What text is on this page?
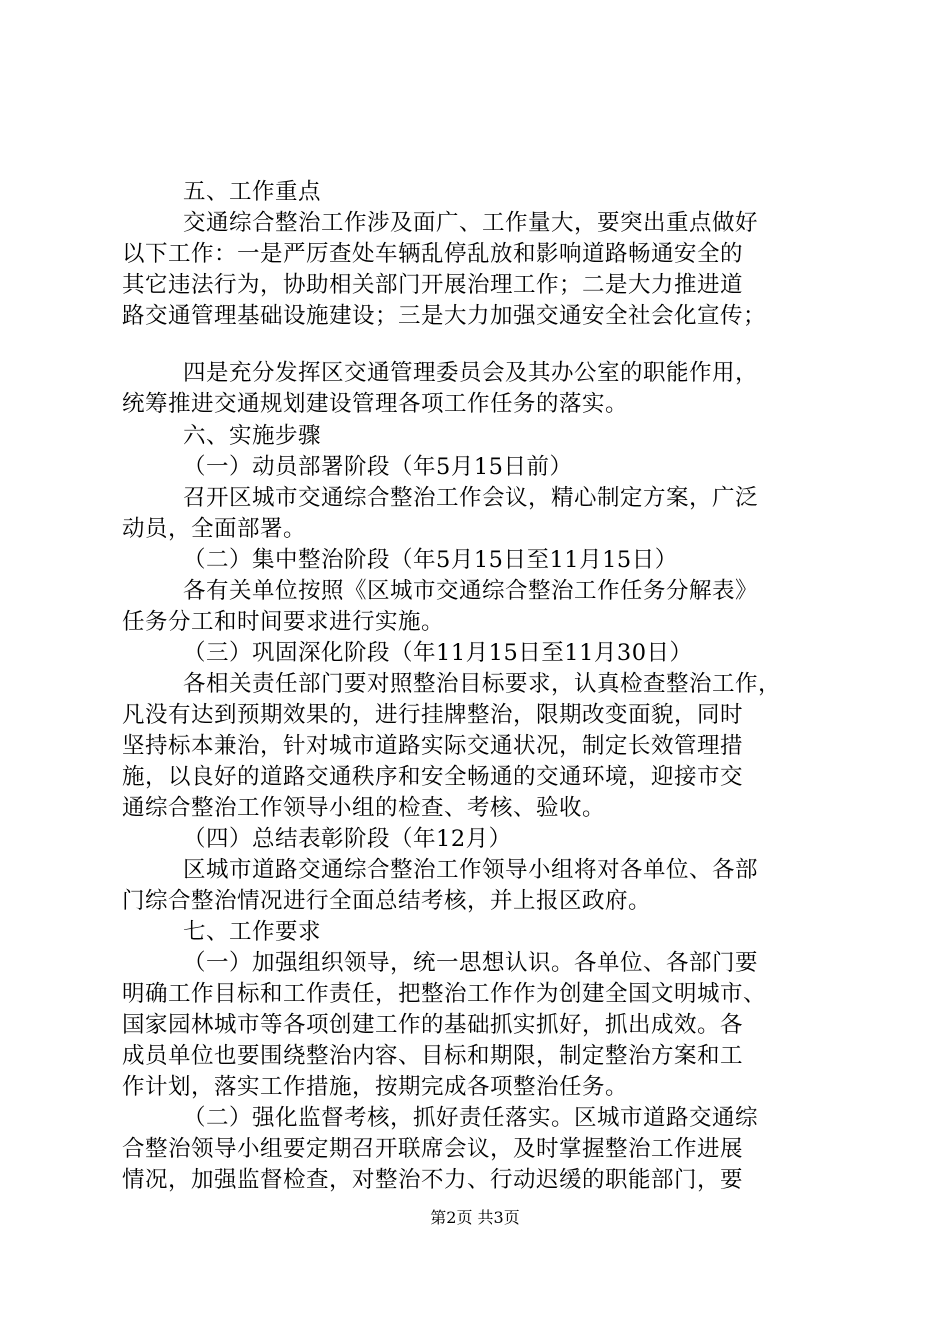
五、工作重点
交通综合整治工作涉及面广、工作量大，要突出重点做好
以下工作：一是严厉查处车辆乱停乱放和影响道路畅通安全的
其它违法行为，协助相关部门开展治理工作；二是大力推进道
路交通管理基础设施建设；三是大力加强交通安全社会化宣传；
四是充分发挥区交通管理委员会及其办公室的职能作用，
统筹推进交通规划建设管理各项工作任务的落实。
六、实施步骤
（一）动员部署阶段（年5月15日前）
召开区城市交通综合整治工作会议，精心制定方案，广泛
动员，全面部署。
（二）集中整治阶段（年5月15日至11月15日）
各有关单位按照《区城市交通综合整治工作任务分解表》
任务分工和时间要求进行实施。
（三）巩固深化阶段（年11月15日至11月30日）
各相关责任部门要对照整治目标要求，认真检查整治工作，
凡没有达到预期效果的，进行挂牌整治，限期改变面貌，同时
坚持标本兼治，针对城市道路实际交通状况，制定长效管理措
施，以良好的道路交通秩序和安全畅通的交通环境，迎接市交
通综合整治工作领导小组的检查、考核、验收。
（四）总结表彰阶段（年12月）
区城市道路交通综合整治工作领导小组将对各单位、各部
门综合整治情况进行全面总结考核，并上报区政府。
七、工作要求
（一）加强组织领导，统一思想认识。各单位、各部门要
明确工作目标和工作责任，把整治工作作为创建全国文明城市、
国家园林城市等各项创建工作的基础抓实抓好，抓出成效。各
成员单位也要围绕整治内容、目标和期限，制定整治方案和工
作计划，落实工作措施，按期完成各项整治任务。
（二）强化监督考核，抓好责任落实。区城市道路交通综
合整治领导小组要定期召开联席会议，及时掌握整治工作进展
情况，加强监督检查，对整治不力、行动迟缓的职能部门，要
第2页 共3页
